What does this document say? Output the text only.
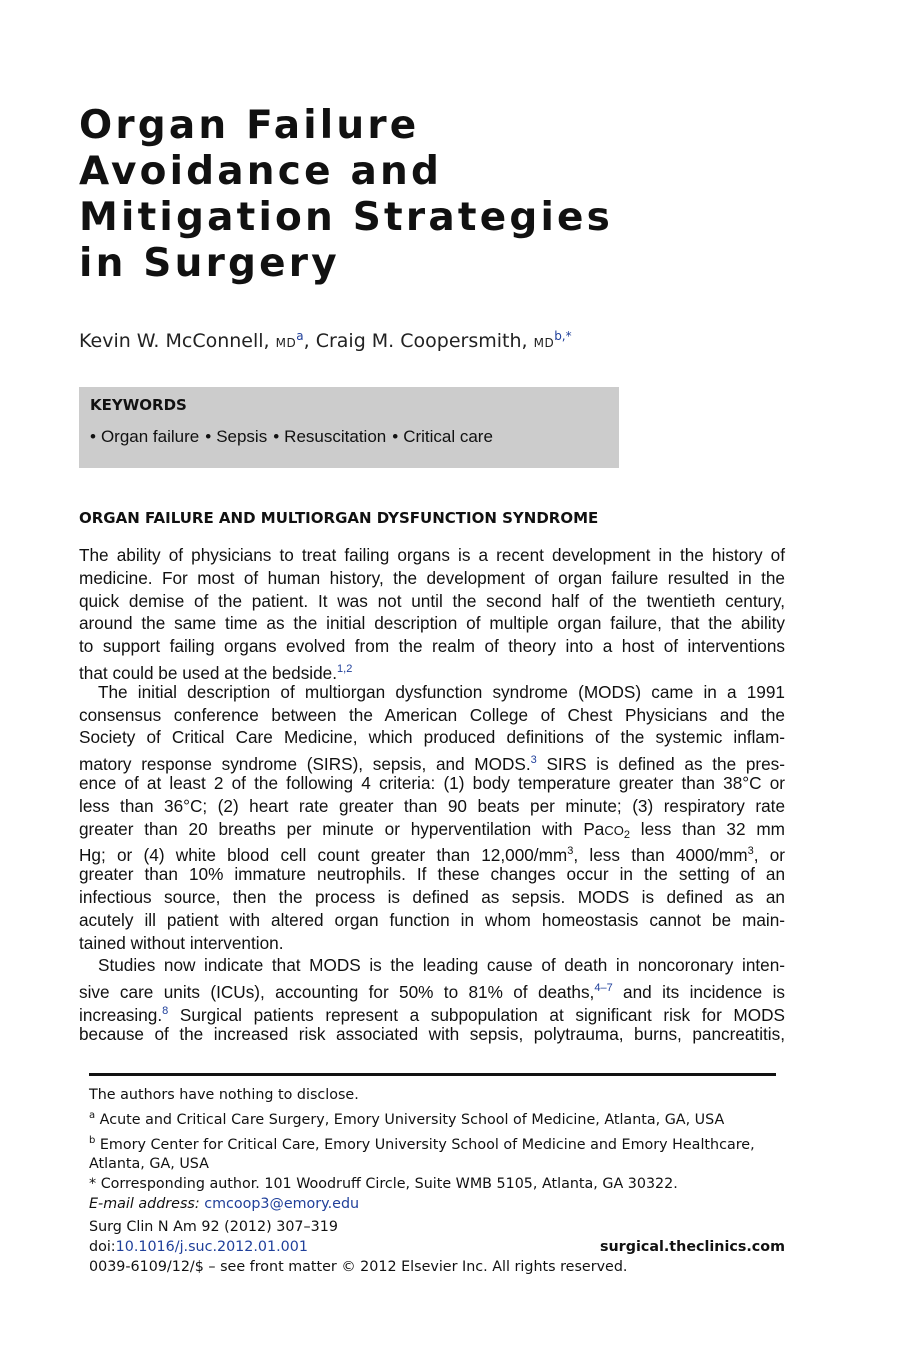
Organ Failure
Avoidance and
Mitigation Strategies
in Surgery
Kevin W. McConnell, $MD^a$, Craig M. Coopersmith, $MD^{b,*}$
KEYWORDS
• Organ failure • Sepsis • Resuscitation • Critical care
ORGAN FAILURE AND MULTIORGAN DYSFUNCTION SYNDROME
The ability of physicians to treat failing organs is a recent development in the history of
medicine. For most of human history, the development of organ failure resulted in the
quick demise of the patient. It was not until the second half of the twentieth century,
around the same time as the initial description of multiple organ failure, that the ability
to support failing organs evolved from the realm of theory into a host of interventions
that could be used at the bedside.$^{1,2}$
The initial description of multiorgan dysfunction syndrome (MODS) came in a 1991
consensus conference between the American College of Chest Physicians and the
Society of Critical Care Medicine, which produced definitions of the systemic inflam-
matory response syndrome (SIRS), sepsis, and MODS.$^3$ SIRS is defined as the pres-
ence of at least 2 of the following 4 criteria: (1) body temperature greater than 38°C or
less than 36°C; (2) heart rate greater than 90 beats per minute; (3) respiratory rate
greater than 20 breaths per minute or hyperventilation with PaCO$_2$ less than 32 mm
Hg; or (4) white blood cell count greater than $12,000/mm^3$, less than $4000/mm^3$, or
greater than 10% immature neutrophils. If these changes occur in the setting of an
infectious source, then the process is defined as sepsis. MODS is defined as an
acutely ill patient with altered organ function in whom homeostasis cannot be main-
tained without intervention.
Studies now indicate that MODS is the leading cause of death in noncoronary inten-
sive care units (ICUs), accounting for 50% to 81% of deaths,$^{4-7}$ and its incidence is
increasing.$^8$ Surgical patients represent a subpopulation at significant risk for MODS
because of the increased risk associated with sepsis, polytrauma, burns, pancreatitis,
The authors have nothing to disclose.
$^a$ Acute and Critical Care Surgery, Emory University School of Medicine, Atlanta, GA, USA
$^b$ Emory Center for Critical Care, Emory University School of Medicine and Emory Healthcare,
Atlanta, GA, USA
* Corresponding author. 101 Woodruff Circle, Suite WMB 5105, Atlanta, GA 30322.
E-mail address: cmcoop3@emory.edu
Surg Clin N Am 92 (2012) 307–319
doi:10.1016/j.suc.2012.01.001	surgical.theclinics.com
0039-6109/12/$ – see front matter © 2012 Elsevier Inc. All rights reserved.
